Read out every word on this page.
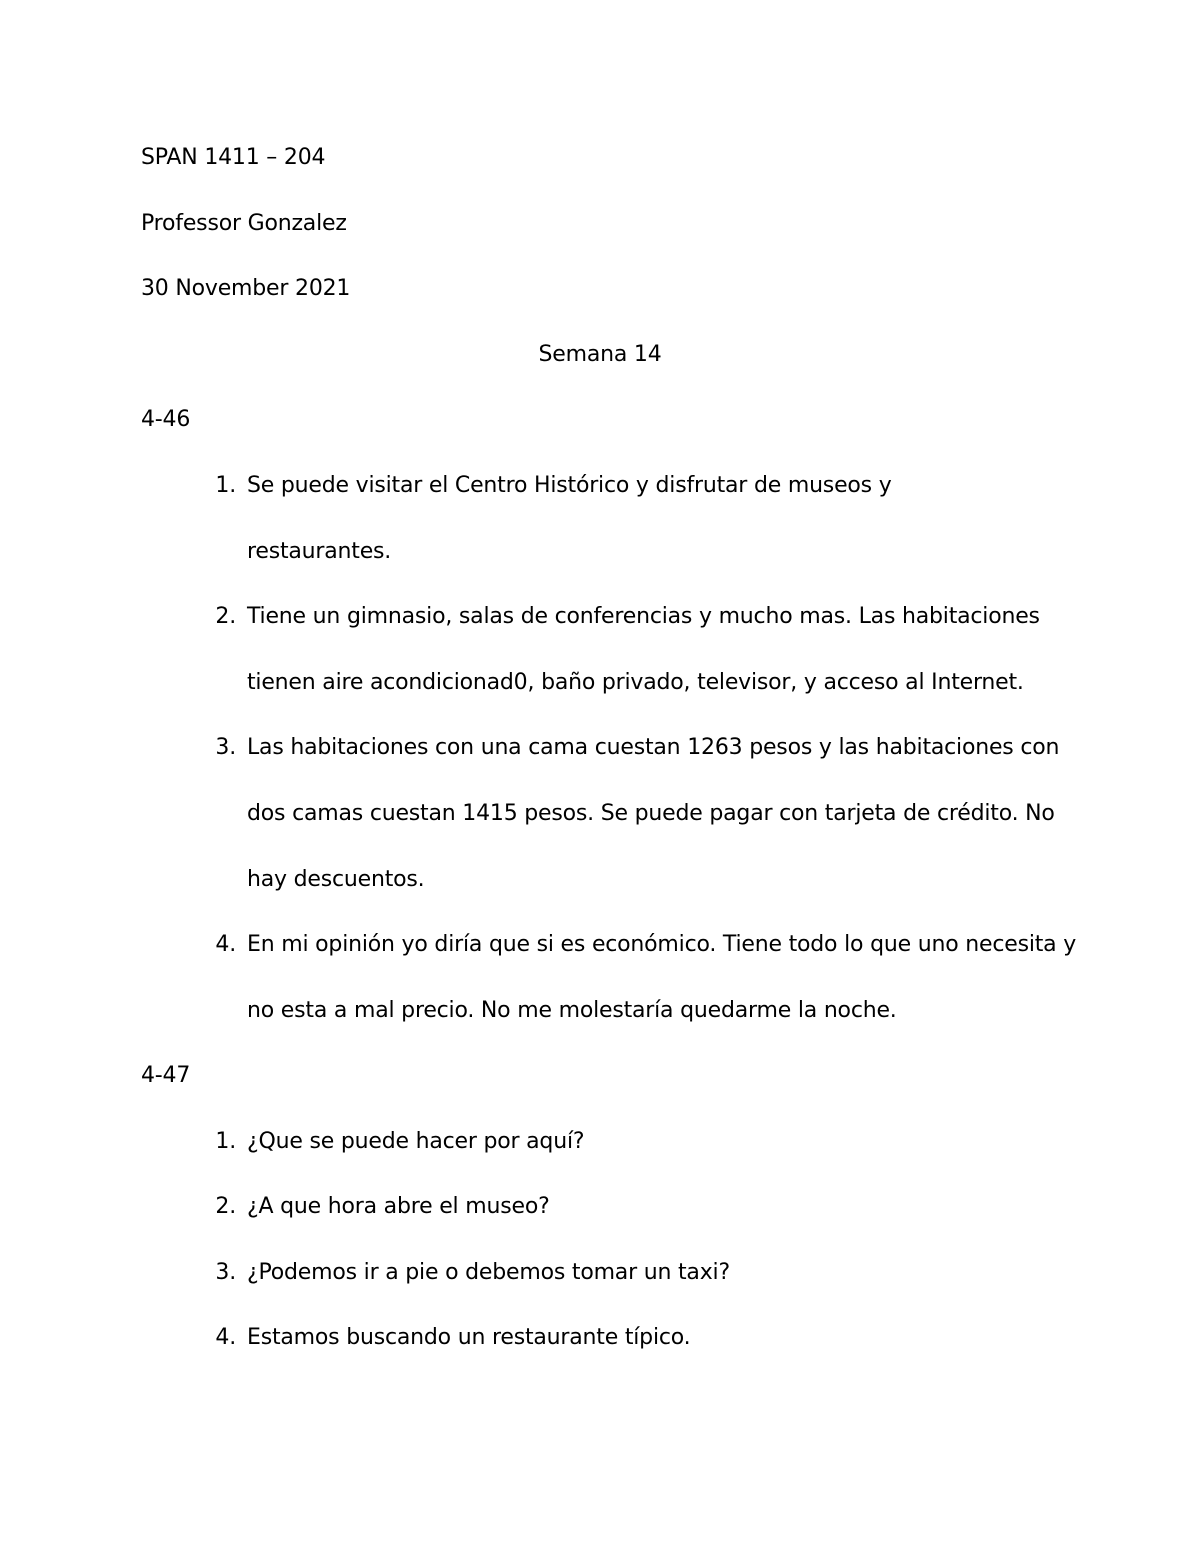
SPAN 1411 – 204
Professor Gonzalez
30 November 2021
Semana 14
4-46
1. Se puede visitar el Centro Histórico y disfrutar de museos y
restaurantes.
2. Tiene un gimnasio, salas de conferencias y mucho mas. Las habitaciones
tienen aire acondicionad0, baño privado, televisor, y acceso al Internet.
3. Las habitaciones con una cama cuestan 1263 pesos y las habitaciones con
dos camas cuestan 1415 pesos. Se puede pagar con tarjeta de crédito. No
hay descuentos.
4. En mi opinión yo diría que si es económico. Tiene todo lo que uno necesita y
no esta a mal precio. No me molestaría quedarme la noche.
4-47
1. ¿Que se puede hacer por aquí?
2. ¿A que hora abre el museo?
3. ¿Podemos ir a pie o debemos tomar un taxi?
4. Estamos buscando un restaurante típico.
